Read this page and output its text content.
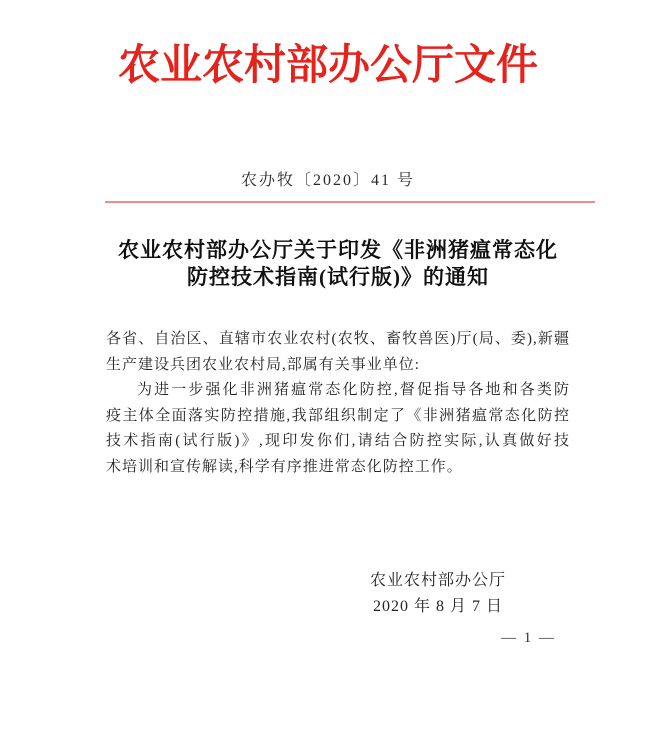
农业农村部办公厅文件
农办牧〔2020〕41 号
农业农村部办公厅关于印发《非洲猪瘟常态化
防控技术指南(试行版)》的通知
各省、自治区、直辖市农业农村(农牧、畜牧兽医)厅(局、委),新疆
生产建设兵团农业农村局,部属有关事业单位:
为进一步强化非洲猪瘟常态化防控,督促指导各地和各类防
疫主体全面落实防控措施,我部组织制定了《非洲猪瘟常态化防控
技术指南(试行版)》,现印发你们,请结合防控实际,认真做好技
术培训和宣传解读,科学有序推进常态化防控工作。
农业农村部办公厅
2020 年 8 月 7 日
— 1 —
